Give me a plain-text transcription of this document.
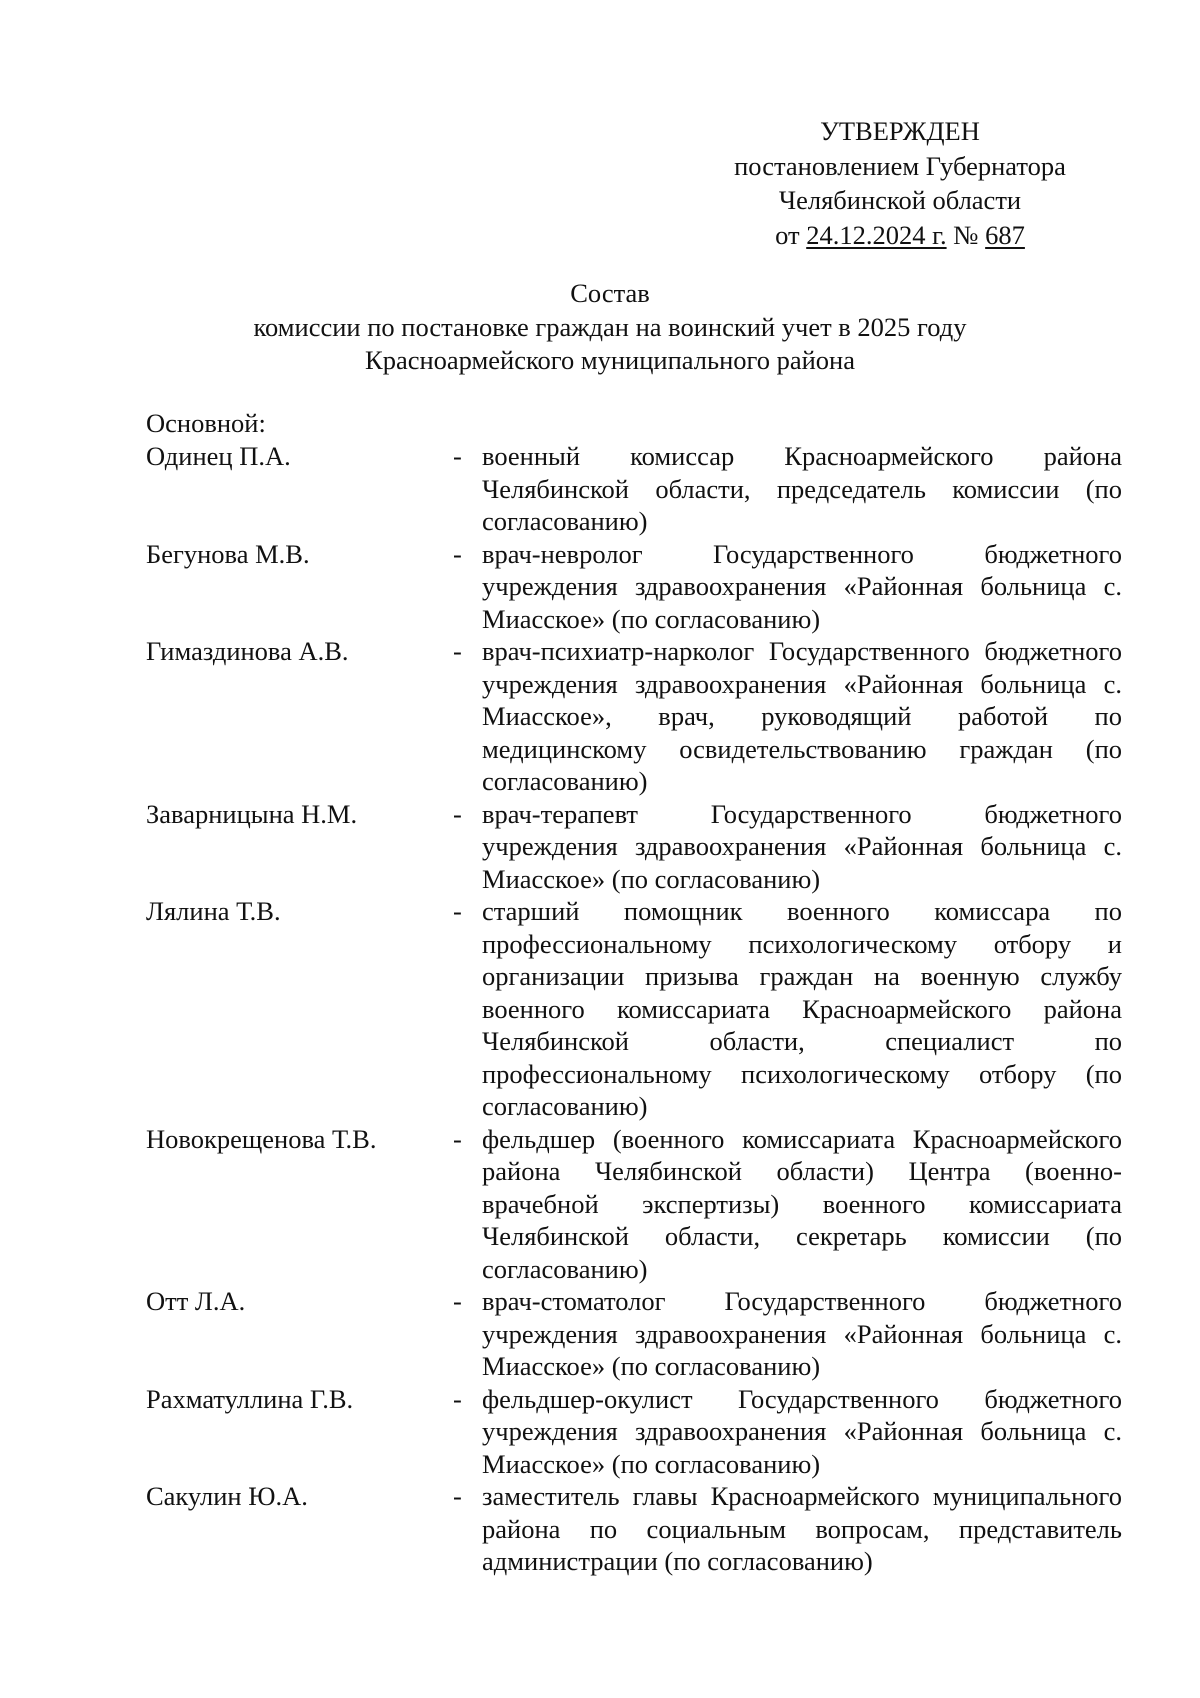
УТВЕРЖДЕН
постановлением Губернатора
Челябинской области
от 24.12.2024 г. № 687
Состав
комиссии по постановке граждан на воинский учет в 2025 году
Красноармейского муниципального района
Основной:
Одинец П.А.	- военный комиссар Красноармейского района Челябинской области, председатель комиссии (по согласованию)
Бегунова М.В.	- врач-невролог Государственного бюджетного учреждения здравоохранения «Районная больница с. Миасское» (по согласованию)
Гимаздинова А.В.	- врач-психиатр-нарколог Государственного бюджетного учреждения здравоохранения «Районная больница с. Миасское», врач, руководящий работой по медицинскому освидетельствованию граждан (по согласованию)
Заварницына Н.М.	- врач-терапевт Государственного бюджетного учреждения здравоохранения «Районная больница с. Миасское» (по согласованию)
Лялина Т.В.	- старший помощник военного комиссара по профессиональному психологическому отбору и организации призыва граждан на военную службу военного комиссариата Красноармейского района Челябинской области, специалист по профессиональному психологическому отбору (по согласованию)
Новокрещенова Т.В.	- фельдшер (военного комиссариата Красноармейского района Челябинской области) Центра (военно-врачебной экспертизы) военного комиссариата Челябинской области, секретарь комиссии (по согласованию)
Отт Л.А.	- врач-стоматолог Государственного бюджетного учреждения здравоохранения «Районная больница с. Миасское» (по согласованию)
Рахматуллина Г.В.	- фельдшер-окулист Государственного бюджетного учреждения здравоохранения «Районная больница с. Миасское» (по согласованию)
Сакулин Ю.А.	- заместитель главы Красноармейского муниципального района по социальным вопросам, представитель администрации (по согласованию)
